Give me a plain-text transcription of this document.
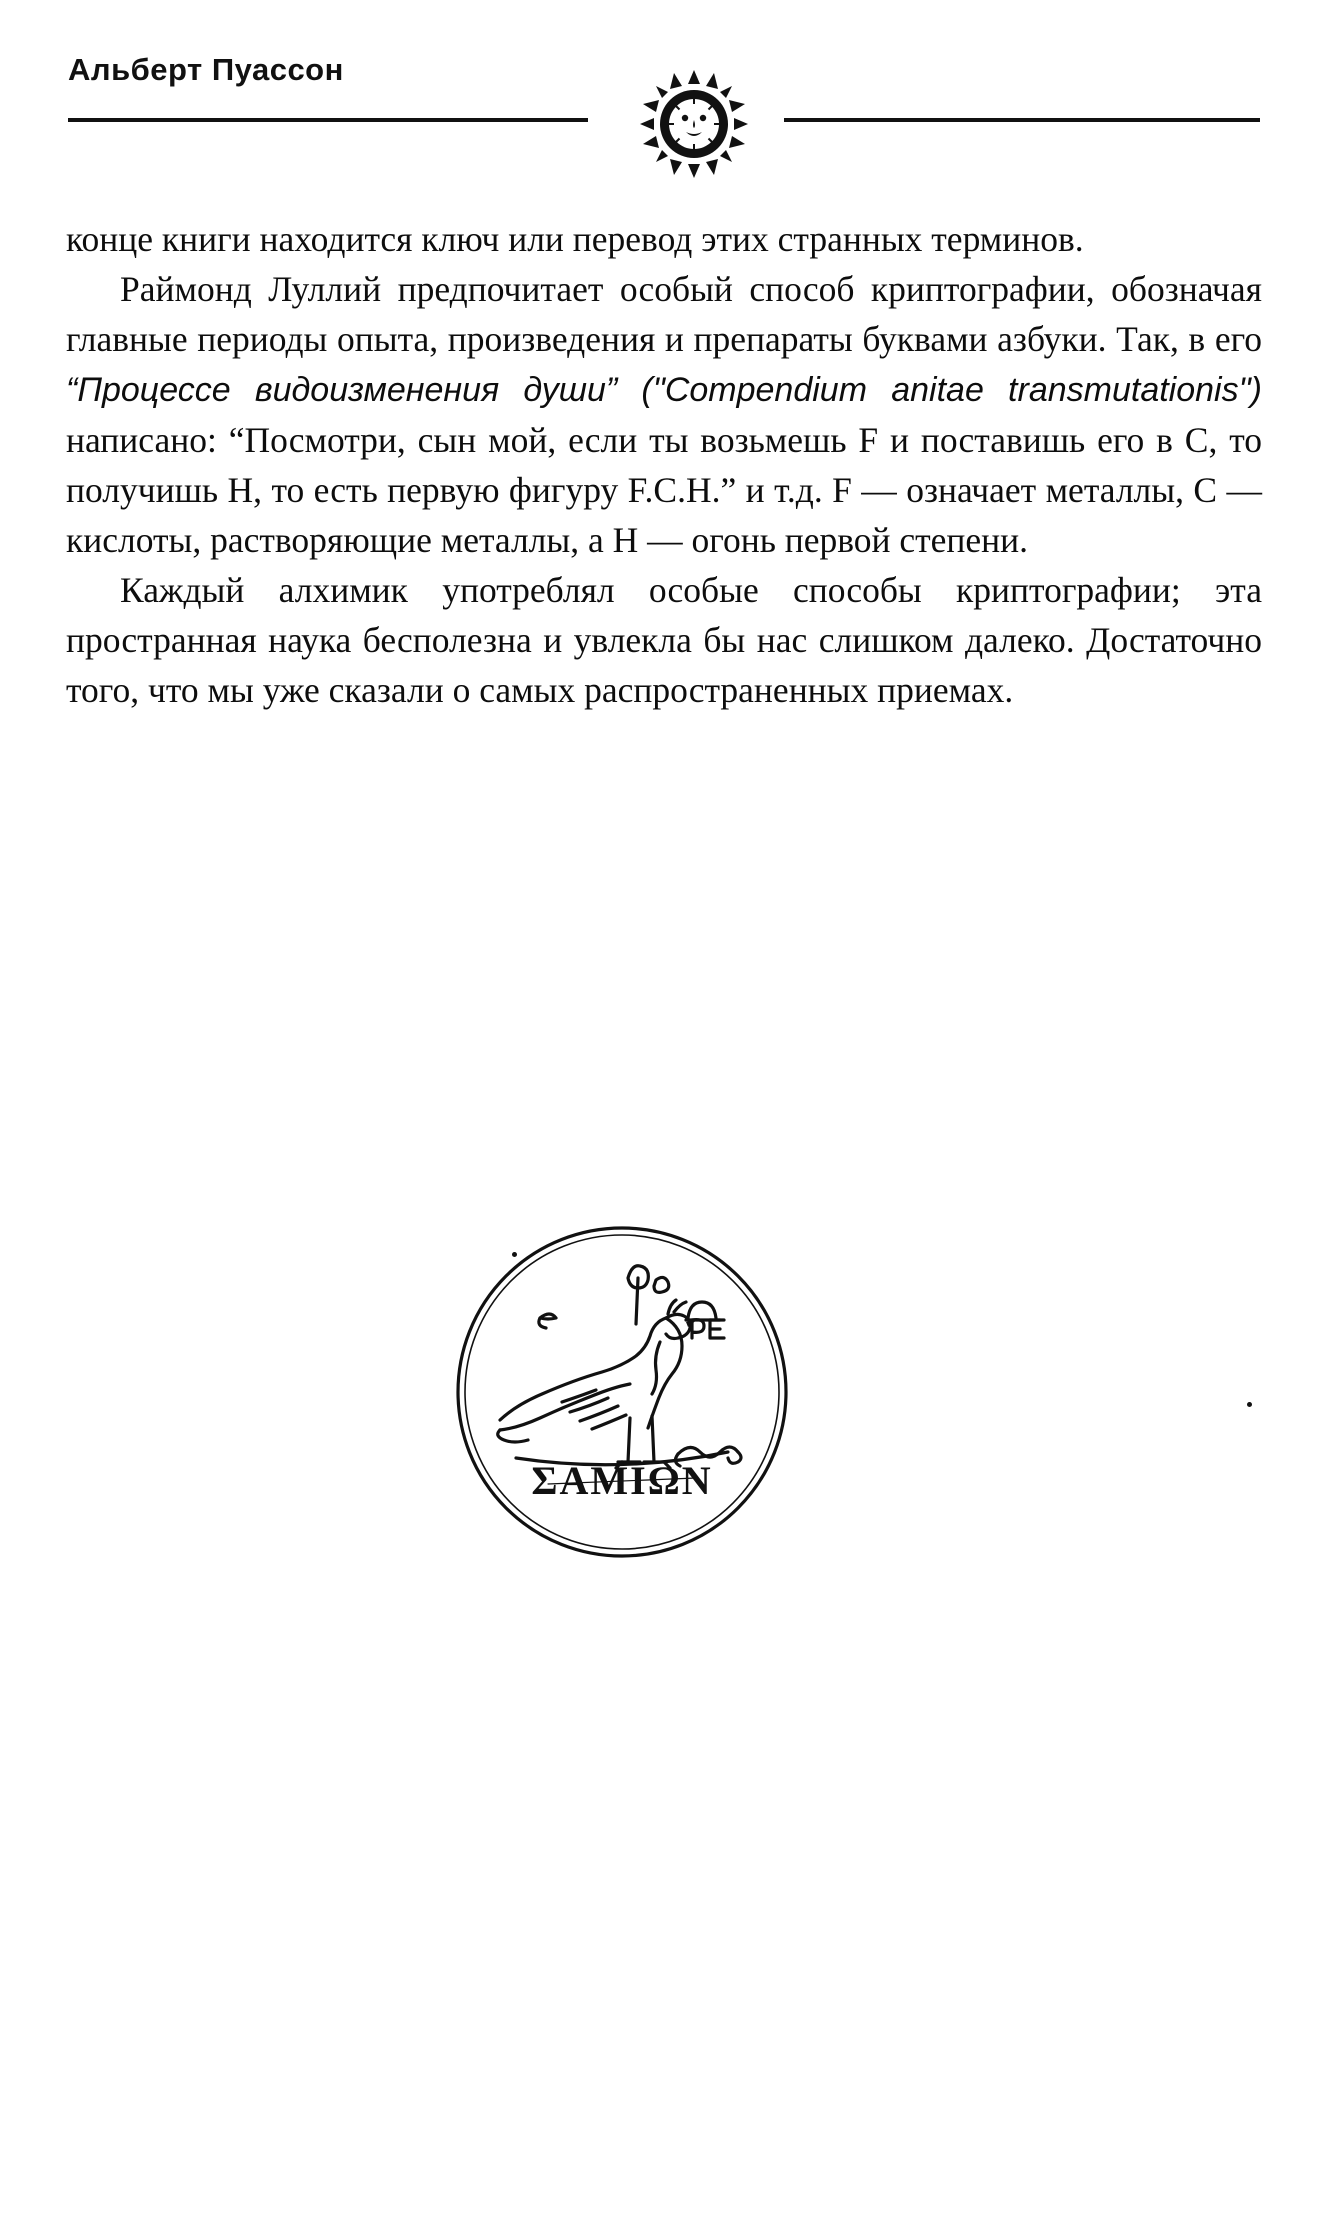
Альберт Пуассон

конце книги находится ключ или перевод этих странных терминов.

Раймонд Луллий предпочитает особый способ криптографии, обозначая главные периоды опыта, произведения и препараты буквами азбуки. Так, в его “Процессе видоизменения души” ("Compendium anitae transmutationis") написано: “Посмотри, сын мой, если ты возьмешь F и поставишь его в C, то получишь H, то есть первую фигуру F.C.H.” и т.д. F — означает металлы, C — кислоты, растворяющие металлы, а H — огонь первой степени.

Каждый алхимик употреблял особые способы криптографии; эта пространная наука бесполезна и увлекла бы нас слишком далеко. Достаточно того, что мы уже сказали о самых распространенных приемах.

ΣΑΜΙΩΝ
